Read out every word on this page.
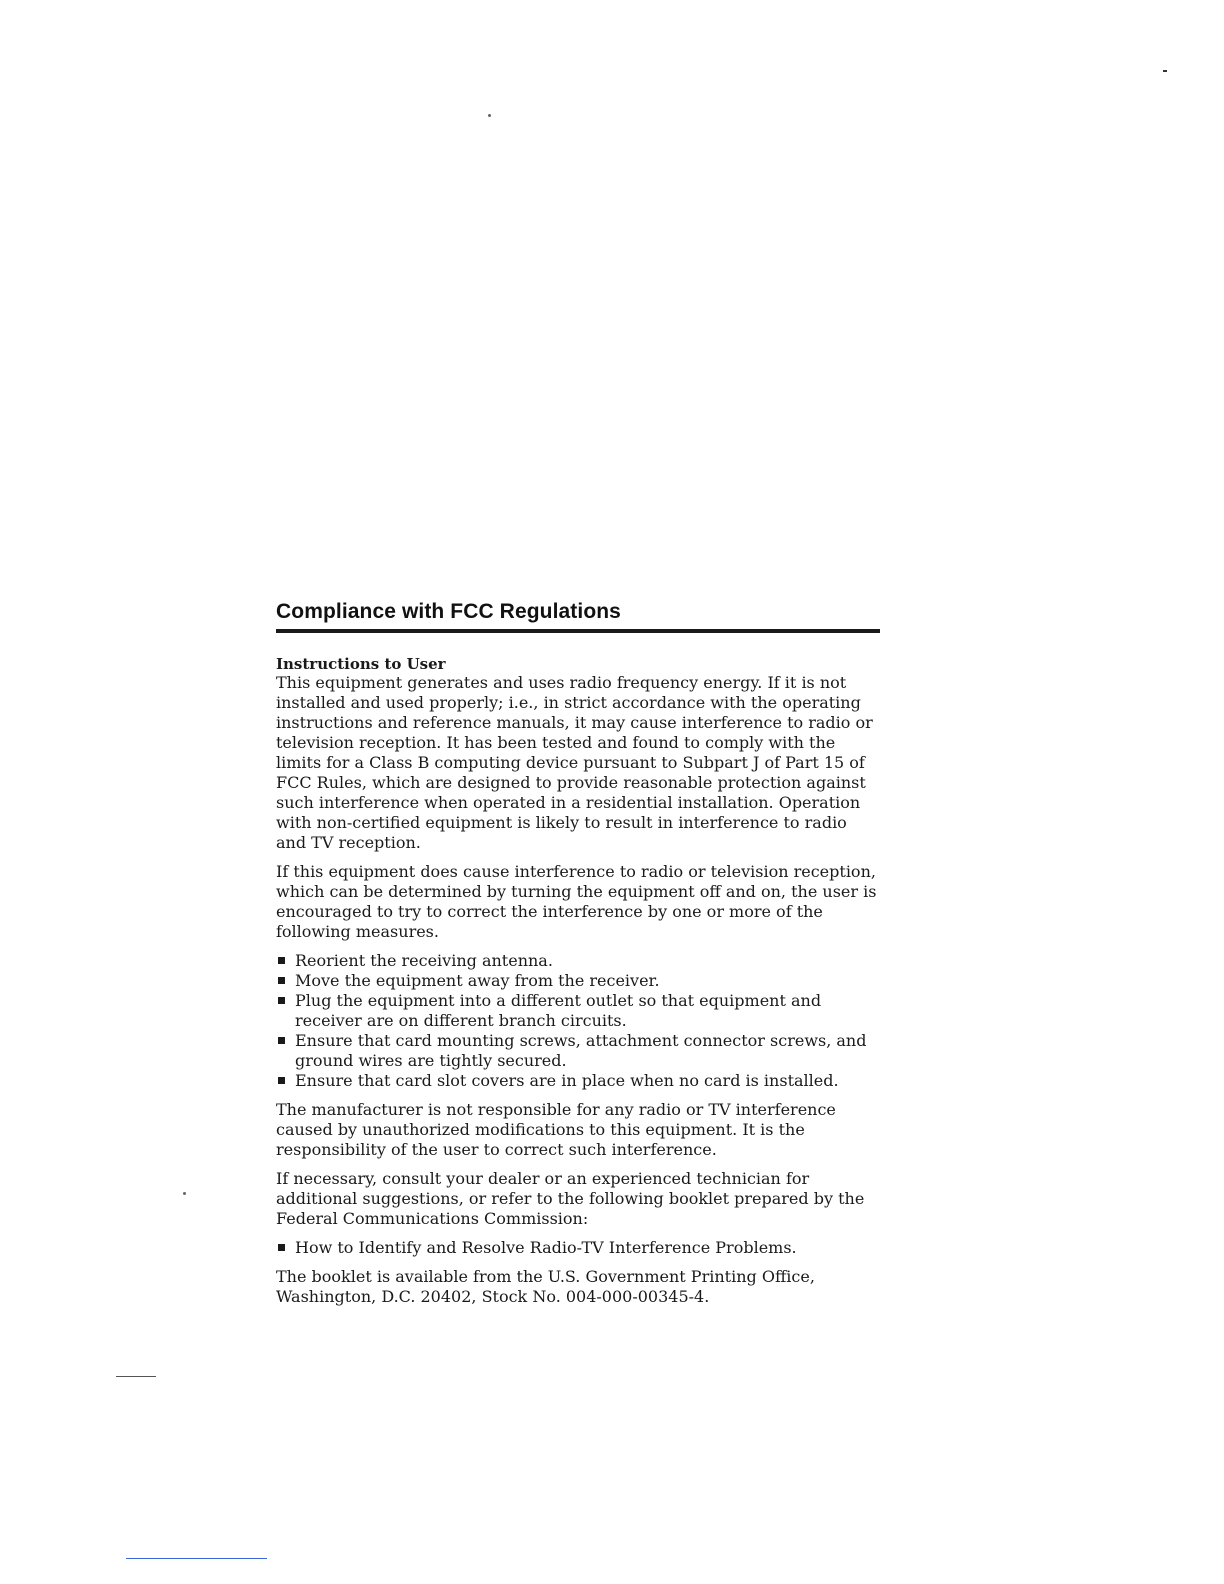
Compliance with FCC Regulations
Instructions to User

This equipment generates and uses radio frequency energy. If it is not installed and used properly; i.e., in strict accordance with the operating instructions and reference manuals, it may cause interference to radio or television reception. It has been tested and found to comply with the limits for a Class B computing device pursuant to Subpart J of Part 15 of FCC Rules, which are designed to provide reasonable protection against such interference when operated in a residential installation. Operation with non-certified equipment is likely to result in interference to radio and TV reception.

If this equipment does cause interference to radio or television reception, which can be determined by turning the equipment off and on, the user is encouraged to try to correct the interference by one or more of the following measures.

Reorient the receiving antenna.
Move the equipment away from the receiver.
Plug the equipment into a different outlet so that equipment and receiver are on different branch circuits.
Ensure that card mounting screws, attachment connector screws, and ground wires are tightly secured.
Ensure that card slot covers are in place when no card is installed.

The manufacturer is not responsible for any radio or TV interference caused by unauthorized modifications to this equipment. It is the responsibility of the user to correct such interference.

If necessary, consult your dealer or an experienced technician for additional suggestions, or refer to the following booklet prepared by the Federal Communications Commission:

How to Identify and Resolve Radio-TV Interference Problems.

The booklet is available from the U.S. Government Printing Office, Washington, D.C. 20402, Stock No. 004-000-00345-4.
